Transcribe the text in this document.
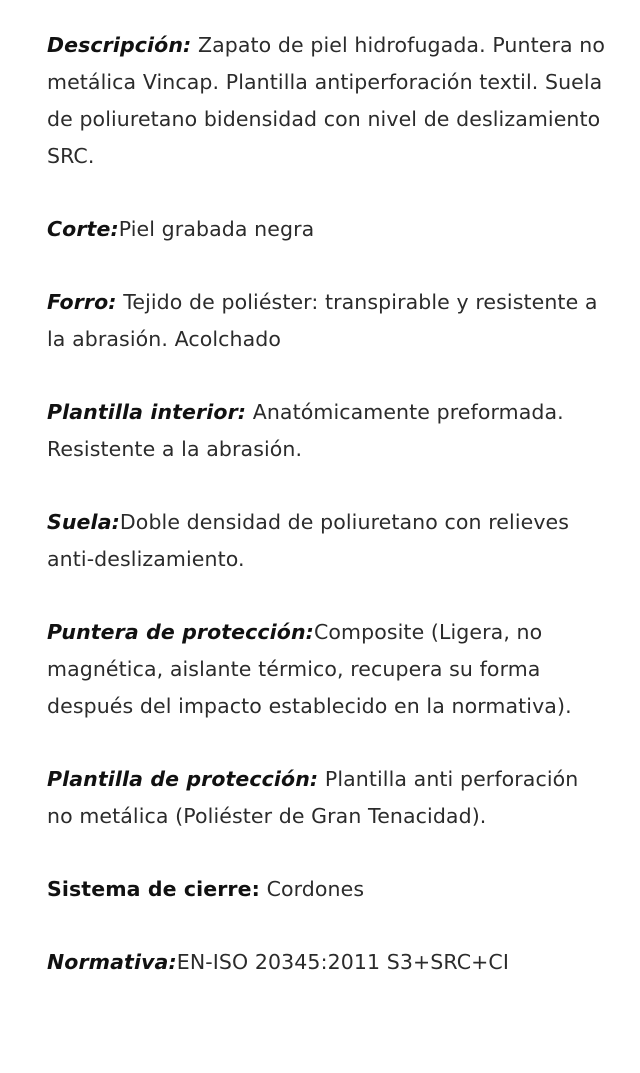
Descripción: Zapato de piel hidrofugada. Puntera no metálica Vincap. Plantilla antiperforación textil. Suela de poliuretano bidensidad con nivel de deslizamiento SRC.

Corte:Piel grabada negra

Forro: Tejido de poliéster: transpirable y resistente a la abrasión. Acolchado

Plantilla interior: Anatómicamente preformada. Resistente a la abrasión.

Suela:Doble densidad de poliuretano con relieves anti-deslizamiento.

Puntera de protección:Composite (Ligera, no magnética, aislante térmico, recupera su forma después del impacto establecido en la normativa).

Plantilla de protección: Plantilla anti perforación no metálica (Poliéster de Gran Tenacidad).

Sistema de cierre: Cordones

Normativa:EN-ISO 20345:2011 S3+SRC+CI
